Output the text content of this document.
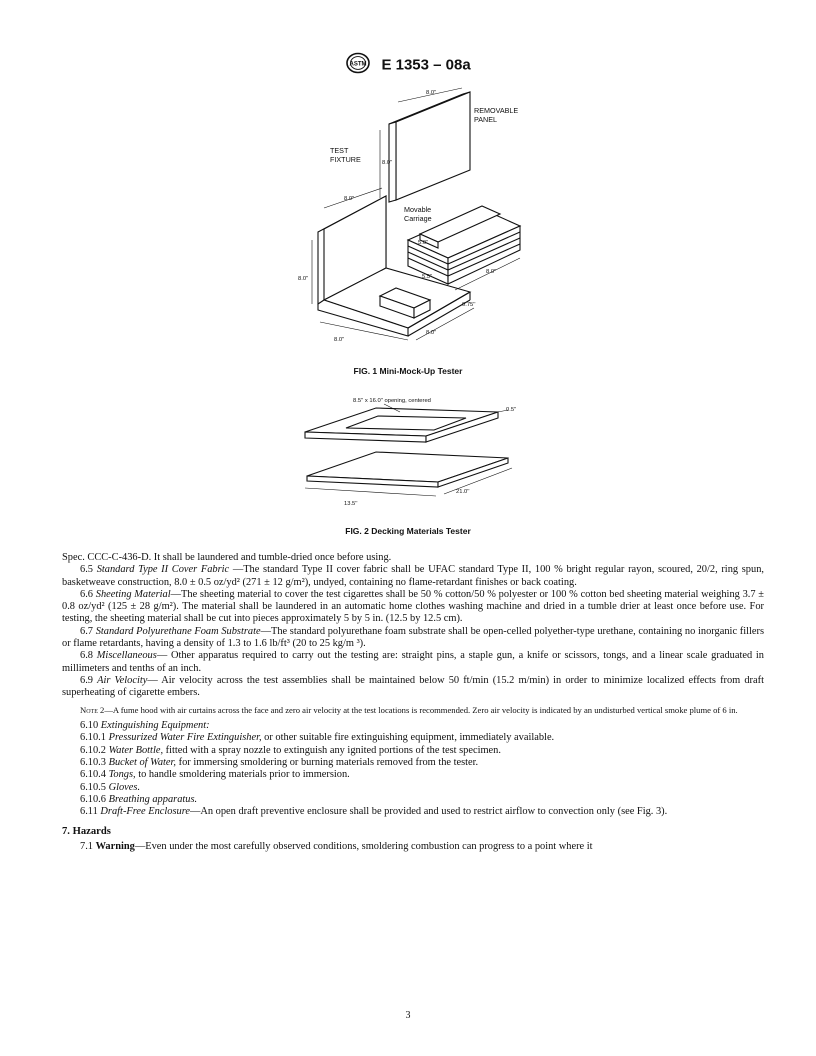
ASTM E 1353 – 08a
REMOVABLE
PANEL
TEST
FIXTURE
Movable
Carriage
8.0''
8.0''
8.0''
8.0''
8.0''
8.0''
0.75''
5.0''
5.5''
8.0''
FIG. 1 Mini-Mock-Up Tester
8.5'' x 16.0'' opening, centered
0.5''
13.5''
21.0''
FIG. 2 Decking Materials Tester

Spec. CCC-C-436-D. It shall be laundered and tumble-dried once before using.

6.5 Standard Type II Cover Fabric —The standard Type II cover fabric shall be UFAC standard Type II, 100 % bright regular rayon, scoured, 20/2, ring spun, basketweave construction, 8.0 ± 0.5 oz/yd² (271 ± 12 g/m²), undyed, containing no flame-retardant finishes or back coating.

6.6 Sheeting Material—The sheeting material to cover the test cigarettes shall be 50 % cotton/50 % polyester or 100 % cotton bed sheeting material weighing 3.7 ± 0.8 oz/yd² (125 ± 28 g/m²). The material shall be laundered in an automatic home clothes washing machine and dried in a tumble drier at least once before use. For testing, the sheeting material shall be cut into pieces approximately 5 by 5 in. (12.5 by 12.5 cm).

6.7 Standard Polyurethane Foam Substrate—The standard polyurethane foam substrate shall be open-celled polyether-type urethane, containing no inorganic fillers or flame retardants, having a density of 1.3 to 1.6 lb/ft³ (20 to 25 kg/m ³).

6.8 Miscellaneous— Other apparatus required to carry out the testing are: straight pins, a staple gun, a knife or scissors, tongs, and a linear scale graduated in millimeters and tenths of an inch.

6.9 Air Velocity— Air velocity across the test assemblies shall be maintained below 50 ft/min (15.2 m/min) in order to minimize localized effects from draft superheating of cigarette embers.

Note 2—A fume hood with air curtains across the face and zero air velocity at the test locations is recommended. Zero air velocity is indicated by an undisturbed vertical smoke plume of 6 in.

6.10 Extinguishing Equipment:

6.10.1 Pressurized Water Fire Extinguisher, or other suitable fire extinguishing equipment, immediately available.

6.10.2 Water Bottle, fitted with a spray nozzle to extinguish any ignited portions of the test specimen.

6.10.3 Bucket of Water, for immersing smoldering or burning materials removed from the tester.

6.10.4 Tongs, to handle smoldering materials prior to immersion.

6.10.5 Gloves.

6.10.6 Breathing apparatus.

6.11 Draft-Free Enclosure—An open draft preventive enclosure shall be provided and used to restrict airflow to convection only (see Fig. 3).

7. Hazards

7.1 Warning—Even under the most carefully observed conditions, smoldering combustion can progress to a point where it

3
